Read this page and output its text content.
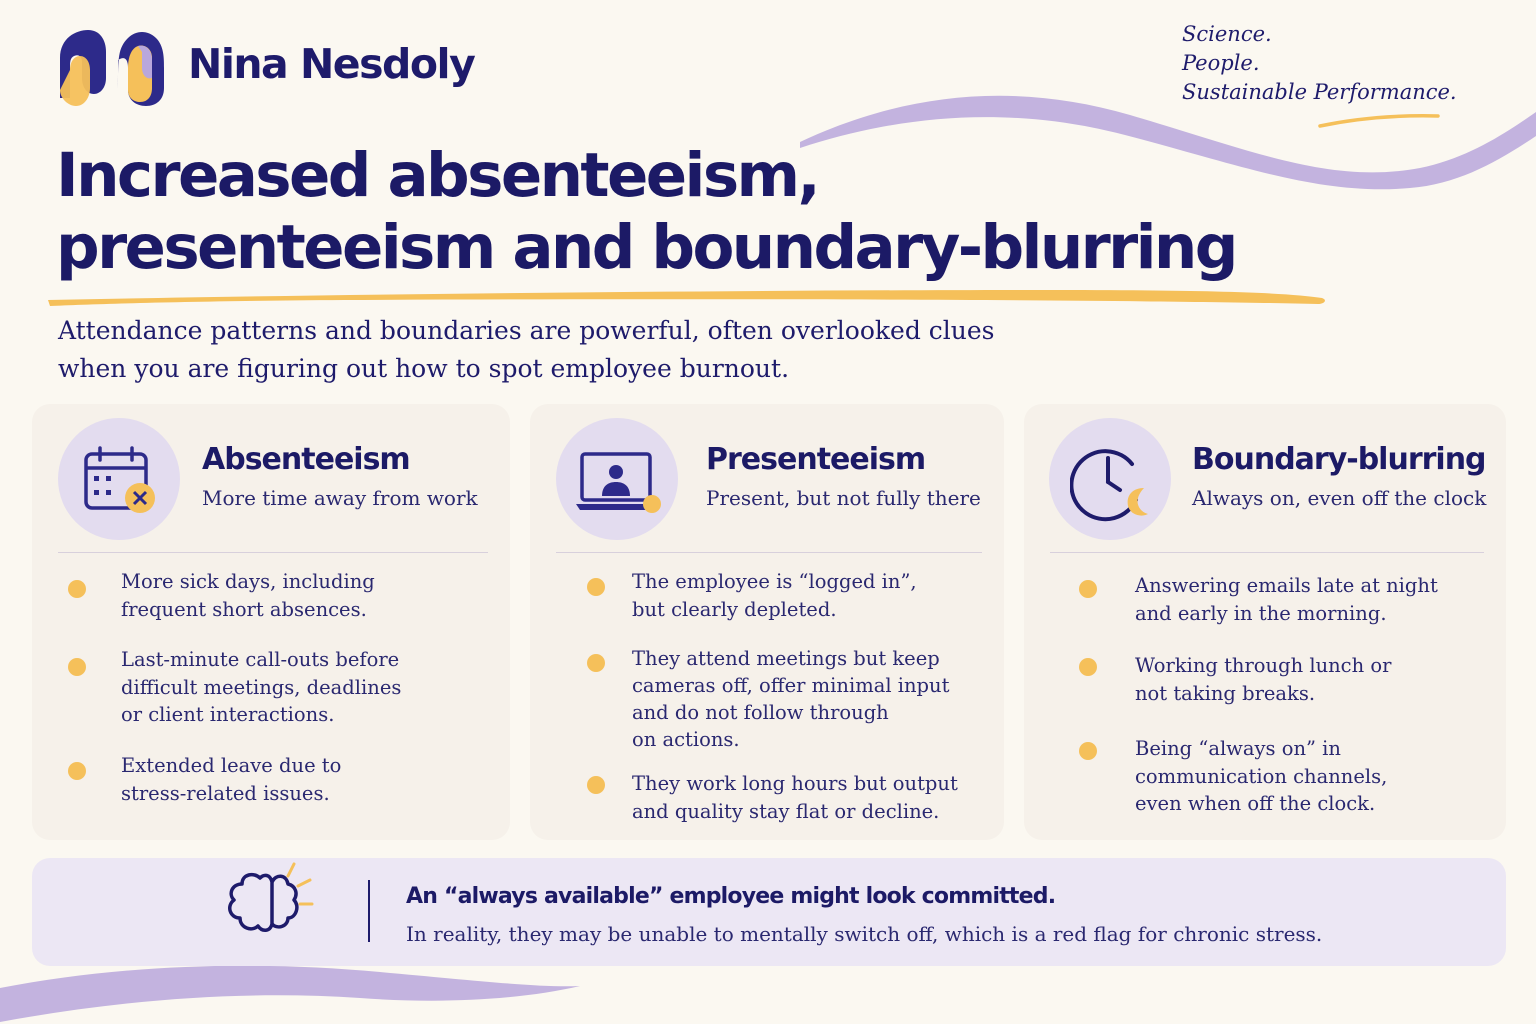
Nina Nesdoly
Science.
People.
Sustainable Performance.
Increased absenteeism,
presenteeism and boundary-blurring
Attendance patterns and boundaries are powerful, often overlooked clues
when you are figuring out how to spot employee burnout.
Absenteeism
More time away from work
More sick days, including
frequent short absences.
Last-minute call-outs before
difficult meetings, deadlines
or client interactions.
Extended leave due to
stress-related issues.
Presenteeism
Present, but not fully there
The employee is “logged in”,
but clearly depleted.
They attend meetings but keep
cameras off, offer minimal input
and do not follow through
on actions.
They work long hours but output
and quality stay flat or decline.
Boundary-blurring
Always on, even off the clock
Answering emails late at night
and early in the morning.
Working through lunch or
not taking breaks.
Being “always on” in
communication channels,
even when off the clock.
An “always available” employee might look committed.
In reality, they may be unable to mentally switch off, which is a red flag for chronic stress.
